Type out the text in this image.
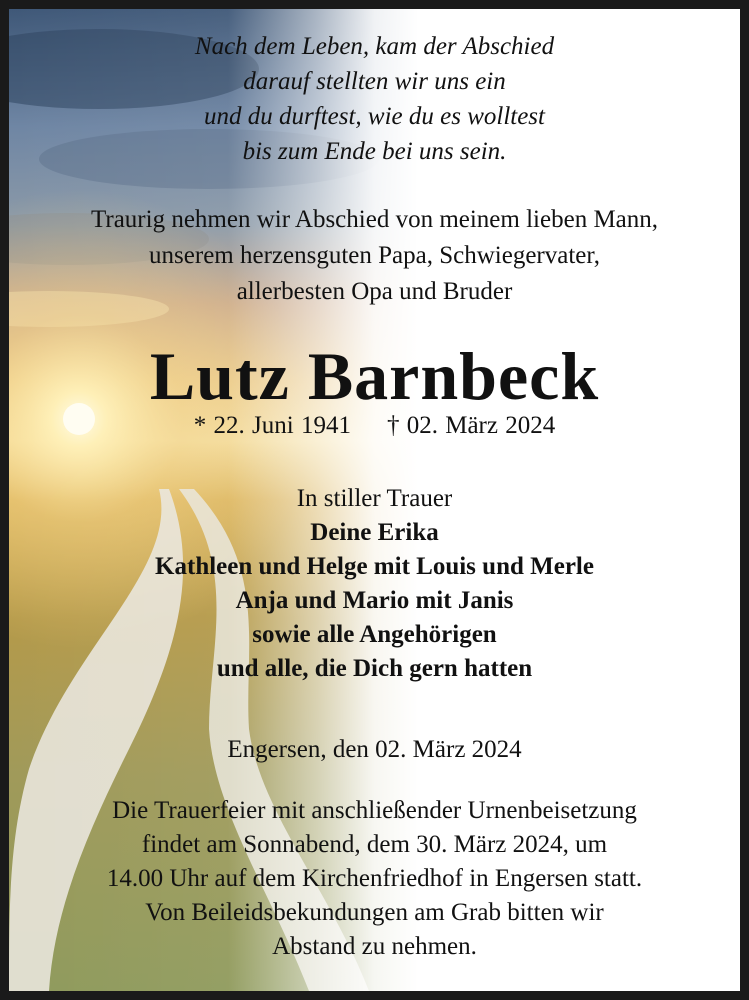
Nach dem Leben, kam der Abschied
darauf stellten wir uns ein
und du durftest, wie du es wolltest
bis zum Ende bei uns sein.
Traurig nehmen wir Abschied von meinem lieben Mann,
unserem herzensguten Papa, Schwiegervater,
allerbesten Opa und Bruder
Lutz Barnbeck
* 22. Juni 1941 † 02. März 2024
In stiller Trauer
Deine Erika
Kathleen und Helge mit Louis und Merle
Anja und Mario mit Janis
sowie alle Angehörigen
und alle, die Dich gern hatten
Engersen, den 02. März 2024
Die Trauerfeier mit anschließender Urnenbeisetzung
findet am Sonnabend, dem 30. März 2024, um
14.00 Uhr auf dem Kirchenfriedhof in Engersen statt.
Von Beileidsbekundungen am Grab bitten wir
Abstand zu nehmen.
